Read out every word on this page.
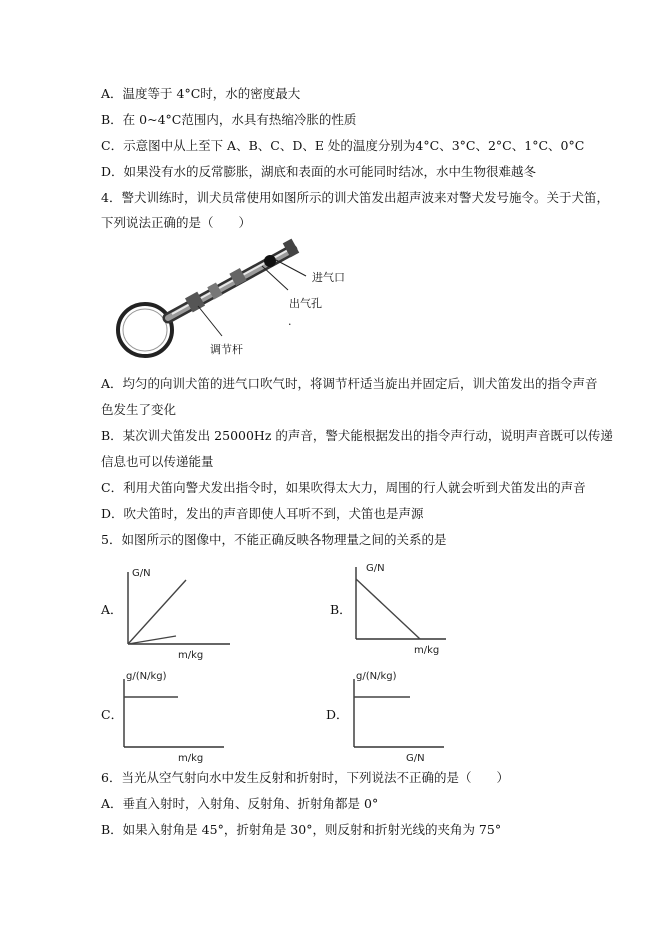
A．温度等于 4°C时，水的密度最大
B．在 0~4°C范围内，水具有热缩冷胀的性质
C．示意图中从上至下 A、B、C、D、E 处的温度分别为4°C、3°C、2°C、1°C、0°C
D．如果没有水的反常膨胀，湖底和表面的水可能同时结冰，水中生物很难越冬
4．警犬训练时，训犬员常使用如图所示的训犬笛发出超声波来对警犬发号施令。关于犬笛，
下列说法正确的是（　　）
进气口
出气孔
.
调节杆
A．均匀的向训犬笛的进气口吹气时，将调节杆适当旋出并固定后，训犬笛发出的指令声音
色发生了变化
B．某次训犬笛发出 25000Hz 的声音，警犬能根据发出的指令声行动，说明声音既可以传递
信息也可以传递能量
C．利用犬笛向警犬发出指令时，如果吹得太大力，周围的行人就会听到犬笛发出的声音
D．吹犬笛时，发出的声音即使人耳听不到，犬笛也是声源
5．如图所示的图像中，不能正确反映各物理量之间的关系的是
A．
G/N
m/kg
B．
G/N
m/kg
C．
g/(N/kg)
m/kg
D．
g/(N/kg)
G/N
6．当光从空气射向水中发生反射和折射时，下列说法不正确的是（　　）
A．垂直入射时，入射角、反射角、折射角都是 0°
B．如果入射角是 45°，折射角是 30°，则反射和折射光线的夹角为 75°
